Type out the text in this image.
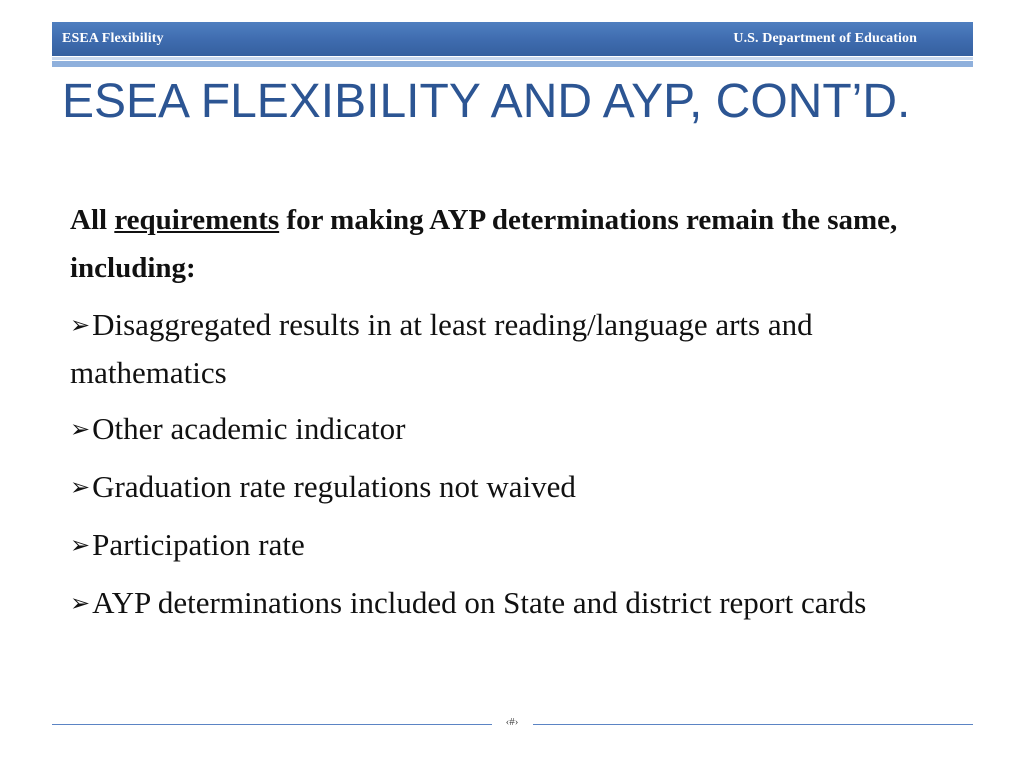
ESEA Flexibility	U.S. Department of Education
ESEA FLEXIBILITY AND AYP, CONT’D.

All requirements for making AYP determinations remain the same, including:

➢Disaggregated results in at least reading/language arts and mathematics
➢Other academic indicator
➢Graduation rate regulations not waived
➢Participation rate
➢AYP determinations included on State and district report cards
‹#›
